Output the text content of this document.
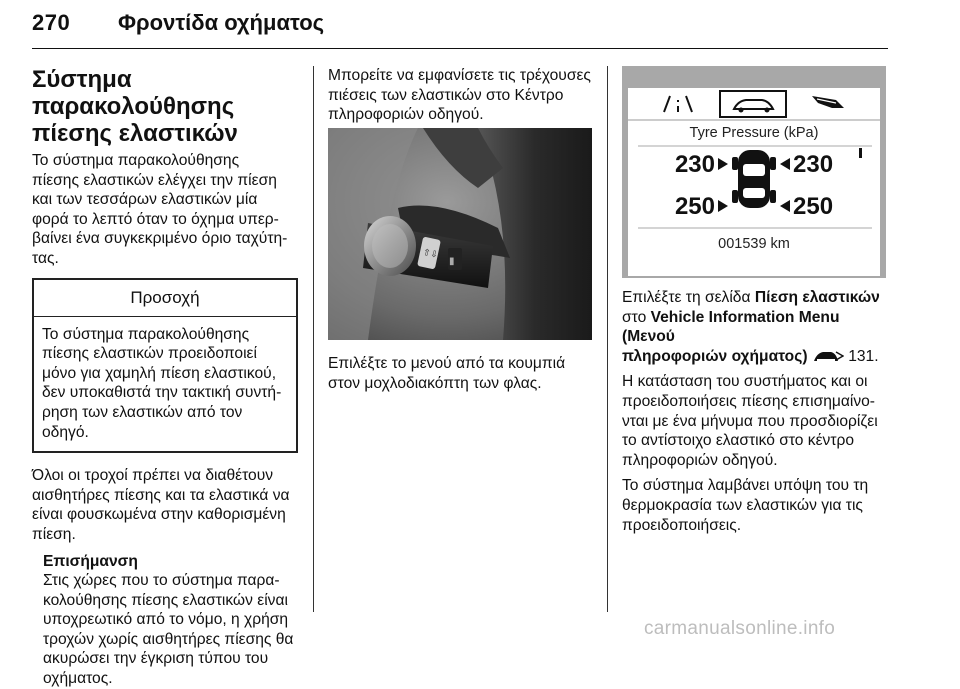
270 Φροντίδα οχήματος
Σύστημα παρακολούθησης πίεσης ελαστικών

Το σύστημα παρακολούθησης
πίεσης ελαστικών ελέγχει την πίεση
και των τεσσάρων ελαστικών μία
φορά το λεπτό όταν το όχημα υπερ-
βαίνει ένα συγκεκριμένο όριο ταχύτη-
τας.

Προσοχή
Το σύστημα παρακολούθησης
πίεσης ελαστικών προειδοποιεί
μόνο για χαμηλή πίεση ελαστικού,
δεν υποκαθιστά την τακτική συντή-
ρηση των ελαστικών από τον
οδηγό.

Όλοι οι τροχοί πρέπει να διαθέτουν
αισθητήρες πίεσης και τα ελαστικά να
είναι φουσκωμένα στην καθορισμένη
πίεση.

Επισήμανση
Στις χώρες που το σύστημα παρα-
κολούθησης πίεσης ελαστικών είναι
υποχρεωτικό από το νόμο, η χρήση
τροχών χωρίς αισθητήρες πίεσης θα
ακυρώσει την έγκριση τύπου του
οχήματος.

Μπορείτε να εμφανίσετε τις τρέχουσες
πιέσεις των ελαστικών στο Κέντρο
πληροφοριών οδηγού.

Επιλέξτε το μενού από τα κουμπιά
στον μοχλοδιακόπτη των φλας.

⇧⇩
▮
Tyre Pressure (kPa)
230	230
250	250
001539 km

Επιλέξτε τη σελίδα Πίεση ελαστικών
στο Vehicle Information Menu (Μενού
πληροφοριών οχήματος)	131.

Η κατάσταση του συστήματος και οι
προειδοποιήσεις πίεσης επισημαίνο-
νται με ένα μήνυμα που προσδιορίζει
το αντίστοιχο ελαστικό στο κέντρο
πληροφοριών οδηγού.

Το σύστημα λαμβάνει υπόψη του τη
θερμοκρασία των ελαστικών για τις
προειδοποιήσεις.

carmanualsonline.info
